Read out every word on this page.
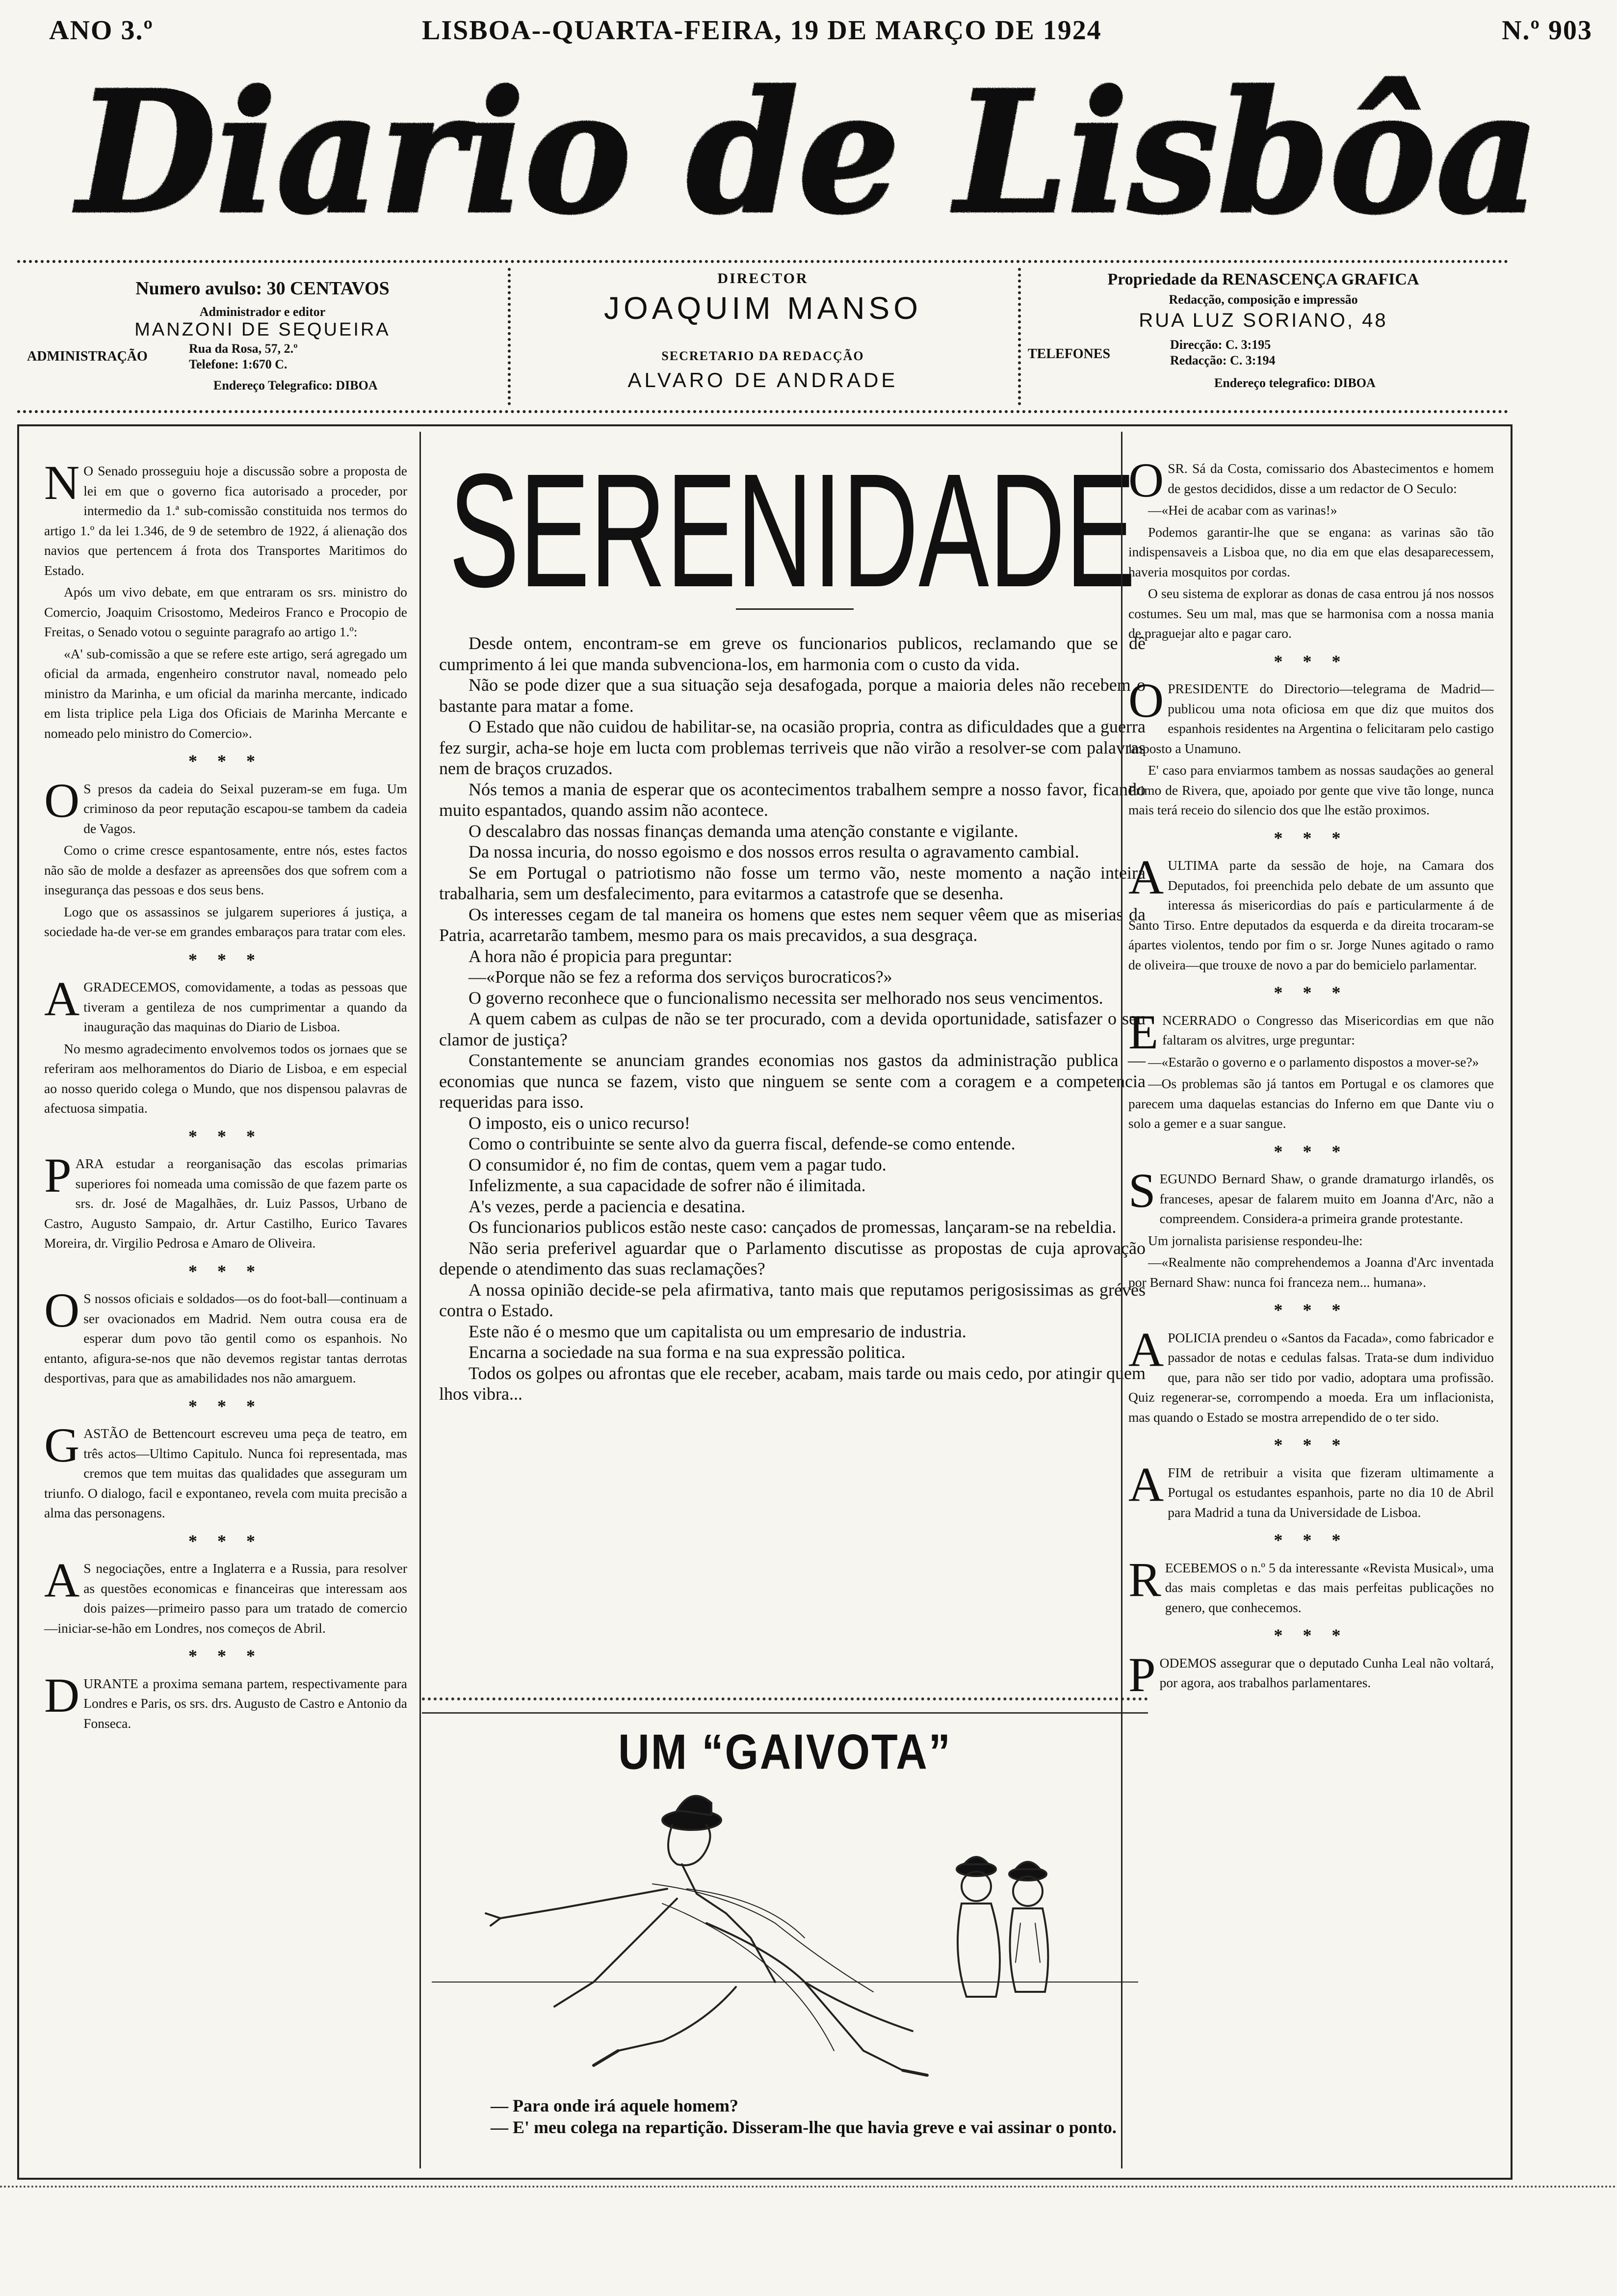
ANO 3.º	LISBOA--QUARTA-FEIRA, 19 DE MARÇO DE 1924	N.º 903
Diario de Lisbôa
Numero avulso: 30 CENTAVOS
Administrador e editor
MANZONI DE SEQUEIRA
ADMINISTRAÇÃO
Rua da Rosa, 57, 2.º
Telefone: 1:670 C.
Endereço Telegrafico: DIBOA
DIRECTOR
JOAQUIM MANSO
SECRETARIO DA REDACÇÃO
ALVARO DE ANDRADE
Propriedade da RENASCENÇA GRAFICA
Redacção, composição e impressão
RUA LUZ SORIANO, 48
TELEFONES
Direcção: C. 3:195
Redacção: C. 3:194
Endereço telegrafico: DIBOA
N O Senado prosseguiu hoje a discussão sobre a proposta de lei em que o governo fica autorisado a proceder, por intermedio da 1.ª sub-comissão constituida nos termos do artigo 1.º da lei 1.346, de 9 de setembro de 1922, á alienação dos navios que pertencem á frota dos Transportes Maritimos do Estado.
Após um vivo debate, em que entraram os srs. ministro do Comercio, Joaquim Crisostomo, Medeiros Franco e Procopio de Freitas, o Senado votou o seguinte paragrafo ao artigo 1.º:
«A' sub-comissão a que se refere este artigo, será agregado um oficial da armada, engenheiro construtor naval, nomeado pelo ministro da Marinha, e um oficial da marinha mercante, indicado em lista triplice pela Liga dos Oficiais de Marinha Mercante e nomeado pelo ministro do Comercio».
* * *
O S presos da cadeia do Seixal puzeram-se em fuga. Um criminoso da peor reputação escapou-se tambem da cadeia de Vagos.
Como o crime cresce espantosamente, entre nós, estes factos não são de molde a desfazer as apreensões dos que sofrem com a insegurança das pessoas e dos seus bens.
Logo que os assassinos se julgarem superiores á justiça, a sociedade ha-de ver-se em grandes embaraços para tratar com eles.
* * *
AGRADECEMOS, comovidamente, a todas as pessoas que tiveram a gentileza de nos cumprimentar a quando da inauguração das maquinas do Diario de Lisboa.
No mesmo agradecimento envolvemos todos os jornaes que se referiram aos melhoramentos do Diario de Lisboa, e em especial ao nosso querido colega o Mundo, que nos dispensou palavras de afectuosa simpatia.
* * *
PARA estudar a reorganisação das escolas primarias superiores foi nomeada uma comissão de que fazem parte os srs. dr. José de Magalhães, dr. Luiz Passos, Urbano de Castro, Augusto Sampaio, dr. Artur Castilho, Eurico Tavares Moreira, dr. Virgilio Pedrosa e Amaro de Oliveira.
* * *
O S nossos oficiais e soldados—os do foot-ball—continuam a ser ovacionados em Madrid. Nem outra cousa era de esperar dum povo tão gentil como os espanhois. No entanto, afigura-se-nos que não devemos registar tantas derrotas desportivas, para que as amabilidades nos não amarguem.
* * *
GASTÃO de Bettencourt escreveu uma peça de teatro, em três actos—Ultimo Capitulo. Nunca foi representada, mas cremos que tem muitas das qualidades que asseguram um triunfo. O dialogo, facil e expontaneo, revela com muita precisão a alma das personagens.
* * *
A S negociações, entre a Inglaterra e a Russia, para resolver as questões economicas e financeiras que interessam aos dois paizes—primeiro passo para um tratado de comercio—iniciar-se-hão em Londres, nos começos de Abril.
* * *
DURANTE a proxima semana partem, respectivamente para Londres e Paris, os srs. drs. Augusto de Castro e Antonio da Fonseca.
SERENIDADE

Desde ontem, encontram-se em greve os funcionarios publicos, reclamando que se dê cumprimento á lei que manda subvenciona-los, em harmonia com o custo da vida.

Não se pode dizer que a sua situação seja desafogada, porque a maioria deles não recebem o bastante para matar a fome.

O Estado que não cuidou de habilitar-se, na ocasião propria, contra as dificuldades que a guerra fez surgir, acha-se hoje em lucta com problemas terriveis que não virão a resolver-se com palavras nem de braços cruzados.

Nós temos a mania de esperar que os acontecimentos trabalhem sempre a nosso favor, ficando muito espantados, quando assim não acontece.

O descalabro das nossas finanças demanda uma atenção constante e vigilante.

Da nossa incuria, do nosso egoismo e dos nossos erros resulta o agravamento cambial.

Se em Portugal o patriotismo não fosse um termo vão, neste momento a nação inteira trabalharia, sem um desfalecimento, para evitarmos a catastrofe que se desenha.

Os interesses cegam de tal maneira os homens que estes nem sequer vêem que as miserias da Patria, acarretarão tambem, mesmo para os mais precavidos, a sua desgraça.

A hora não é propicia para preguntar:

—«Porque não se fez a reforma dos serviços burocraticos?»

O governo reconhece que o funcionalismo necessita ser melhorado nos seus vencimentos.

A quem cabem as culpas de não se ter procurado, com a devida oportunidade, satisfazer o seu clamor de justiça?

Constantemente se anunciam grandes economias nos gastos da administração publica — economias que nunca se fazem, visto que ninguem se sente com a coragem e a competencia requeridas para isso.

O imposto, eis o unico recurso!

Como o contribuinte se sente alvo da guerra fiscal, defende-se como entende.

O consumidor é, no fim de contas, quem vem a pagar tudo.

Infelizmente, a sua capacidade de sofrer não é ilimitada.

A's vezes, perde a paciencia e desatina.

Os funcionarios publicos estão neste caso: cançados de promessas, lançaram-se na rebeldia.

Não seria preferivel aguardar que o Parlamento discutisse as propostas de cuja aprovação depende o atendimento das suas reclamações?

A nossa opinião decide-se pela afirmativa, tanto mais que reputamos perigosissimas as gréves contra o Estado.

Este não é o mesmo que um capitalista ou um empresario de industria.

Encarna a sociedade na sua forma e na sua expressão politica.

Todos os golpes ou afrontas que ele receber, acabam, mais tarde ou mais cedo, por atingir quem lhos vibra...

UM “GAIVOTA”

— Para onde irá aquele homem?

— E' meu colega na repartição. Disseram-lhe que havia greve e vai assinar o ponto.

OSR. Sá da Costa, comissario dos Abastecimentos e homem de gestos decididos, disse a um redactor de O Seculo:
—«Hei de acabar com as varinas!»
Podemos garantir-lhe que se engana: as varinas são tão indispensaveis a Lisboa que, no dia em que elas desaparecessem, haveria mosquitos por cordas.
O seu sistema de explorar as donas de casa entrou já nos nossos costumes. Seu um mal, mas que se harmonisa com a nossa mania de praguejar alto e pagar caro.
* * *
OPRESIDENTE do Directorio—telegrama de Madrid—publicou uma nota oficiosa em que diz que muitos dos espanhois residentes na Argentina o felicitaram pelo castigo imposto a Unamuno.
E' caso para enviarmos tambem as nossas saudações ao general Primo de Rivera, que, apoiado por gente que vive tão longe, nunca mais terá receio do silencio dos que lhe estão proximos.
* * *
AULTIMA parte da sessão de hoje, na Camara dos Deputados, foi preenchida pelo debate de um assunto que interessa ás misericordias do país e particularmente á de Santo Tirso. Entre deputados da esquerda e da direita trocaram-se ápartes violentos, tendo por fim o sr. Jorge Nunes agitado o ramo de oliveira—que trouxe de novo a par do bemicielo parlamentar.
* * *
ENCERRADO o Congresso das Misericordias em que não faltaram os alvitres, urge preguntar:
—«Estarão o governo e o parlamento dispostos a mover-se?»
—Os problemas são já tantos em Portugal e os clamores que parecem uma daquelas estancias do Inferno em que Dante viu o solo a gemer e a suar sangue.
* * *
SEGUNDO Bernard Shaw, o grande dramaturgo irlandês, os franceses, apesar de falarem muito em Joanna d'Arc, não a compreendem. Considera-a primeira grande protestante.
Um jornalista parisiense respondeu-lhe:
—«Realmente não comprehendemos a Joanna d'Arc inventada por Bernard Shaw: nunca foi franceza nem... humana».
* * *
APOLICIA prendeu o «Santos da Facada», como fabricador e passador de notas e cedulas falsas. Trata-se dum individuo que, para não ser tido por vadio, adoptara uma profissão. Quiz regenerar-se, corrompendo a moeda. Era um inflacionista, mas quando o Estado se mostra arrependido de o ter sido.
* * *
AFIM de retribuir a visita que fizeram ultimamente a Portugal os estudantes espanhois, parte no dia 10 de Abril para Madrid a tuna da Universidade de Lisboa.
* * *
RECEBEMOS o n.º 5 da interessante «Revista Musical», uma das mais completas e das mais perfeitas publicações no genero, que conhecemos.
* * *
PODEMOS assegurar que o deputado Cunha Leal não voltará, por agora, aos trabalhos parlamentares.
